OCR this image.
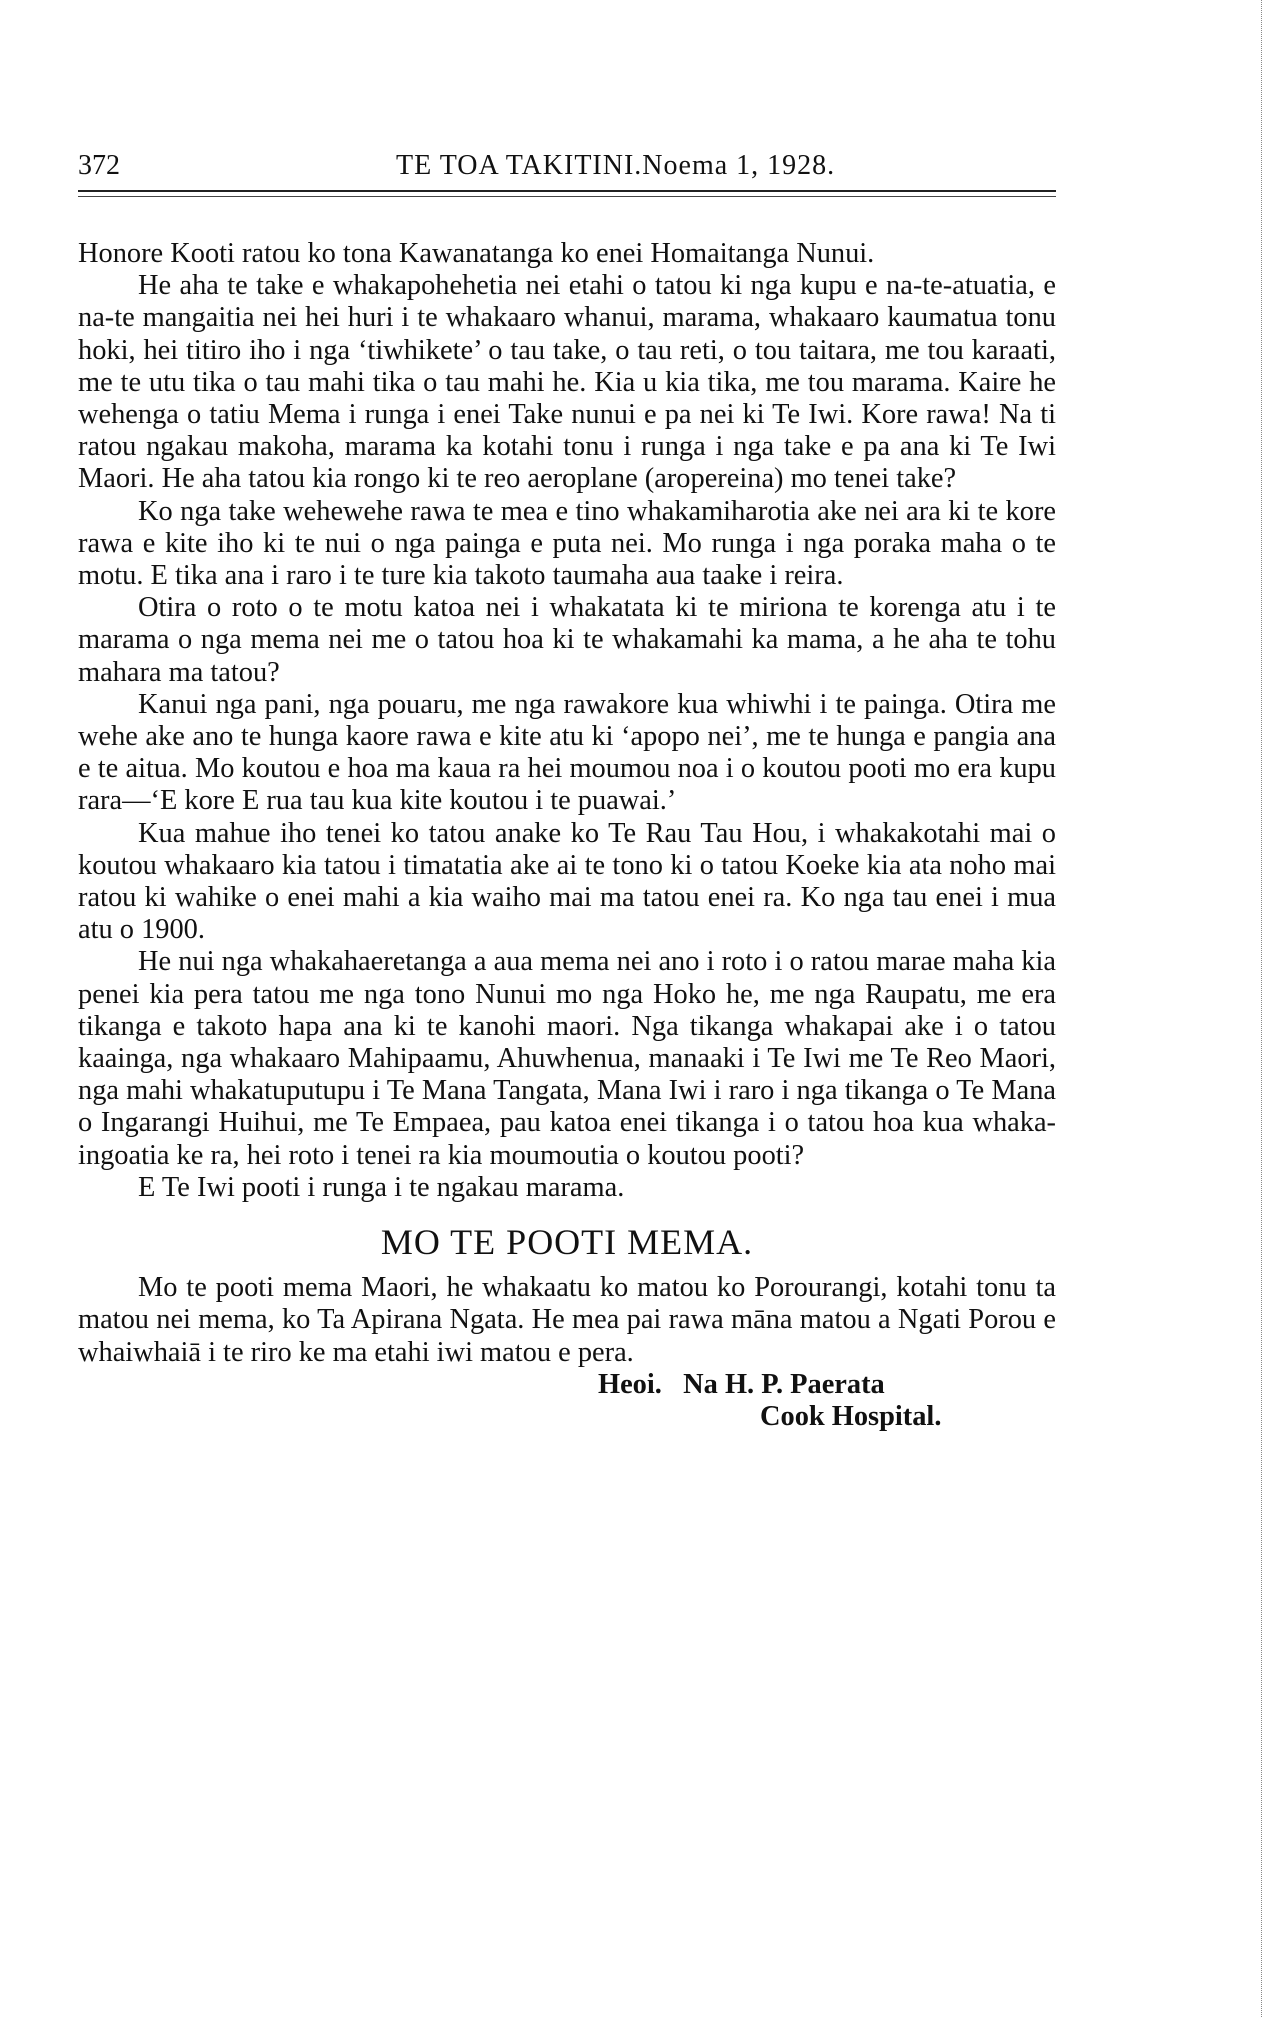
372	TE TOA TAKITINI.Noema 1, 1928.

Honore Kooti ratou ko tona Kawanatanga ko enei Homaitanga Nunui.

He aha te take e whakapohehetia nei etahi o tatou ki nga kupu e na-te-atuatia, e na-te mangaitia nei hei huri i te whakaaro whanui, marama, whakaaro kaumatua tonu hoki, hei titiro iho i nga ‘tiwhikete’ o tau take, o tau reti, o tou taitara, me tou karaati, me te utu tika o tau mahi tika o tau mahi he. Kia u kia tika, me tou marama. Kaire he wehenga o tatiu Mema i runga i enei Take nunui e pa nei ki Te Iwi. Kore rawa! Na ti ratou ngakau makoha, marama ka kotahi tonu i runga i nga take e pa ana ki Te Iwi Maori. He aha tatou kia rongo ki te reo aeroplane (aropereina) mo tenei take?

Ko nga take wehewehe rawa te mea e tino whakamiharotia ake nei ara ki te kore rawa e kite iho ki te nui o nga painga e puta nei. Mo runga i nga poraka maha o te motu. E tika ana i raro i te ture kia takoto taumaha aua taake i reira.

Otira o roto o te motu katoa nei i whakatata ki te miriona te korenga atu i te marama o nga mema nei me o tatou hoa ki te whakamahi ka mama, a he aha te tohu mahara ma tatou?

Kanui nga pani, nga pouaru, me nga rawakore kua whiwhi i te painga. Otira me wehe ake ano te hunga kaore rawa e kite atu ki ‘apopo nei’, me te hunga e pangia ana e te aitua. Mo koutou e hoa ma kaua ra hei moumou noa i o koutou pooti mo era kupu rara—‘E kore E rua tau kua kite koutou i te puawai.’

Kua mahue iho tenei ko tatou anake ko Te Rau Tau Hou, i whakakotahi mai o koutou whakaaro kia tatou i timatatia ake ai te tono ki o tatou Koeke kia ata noho mai ratou ki wahike o enei mahi a kia waiho mai ma tatou enei ra. Ko nga tau enei i mua atu o 1900.

He nui nga whakahaeretanga a aua mema nei ano i roto i o ratou marae maha kia penei kia pera tatou me nga tono Nunui mo nga Hoko he, me nga Raupatu, me era tikanga e takoto hapa ana ki te kanohi maori. Nga tikanga whakapai ake i o tatou kaainga, nga whakaaro Mahipaamu, Ahuwhenua, manaaki i Te Iwi me Te Reo Maori, nga mahi whakatuputupu i Te Mana Tangata, Mana Iwi i raro i nga tikanga o Te Mana o Ingarangi Huihui, me Te Empaea, pau katoa enei tikanga i o tatou hoa kua whaka-ingoatia ke ra, hei roto i tenei ra kia moumoutia o koutou pooti?

E Te Iwi pooti i runga i te ngakau marama.

MO TE POOTI MEMA.

Mo te pooti mema Maori, he whakaatu ko matou ko Porourangi, kotahi tonu ta matou nei mema, ko Ta Apirana Ngata. He mea pai rawa māna matou a Ngati Porou e whaiwhaiā i te riro ke ma etahi iwi matou e pera.

Heoi.   Na H. P. Paerata

Cook Hospital.
